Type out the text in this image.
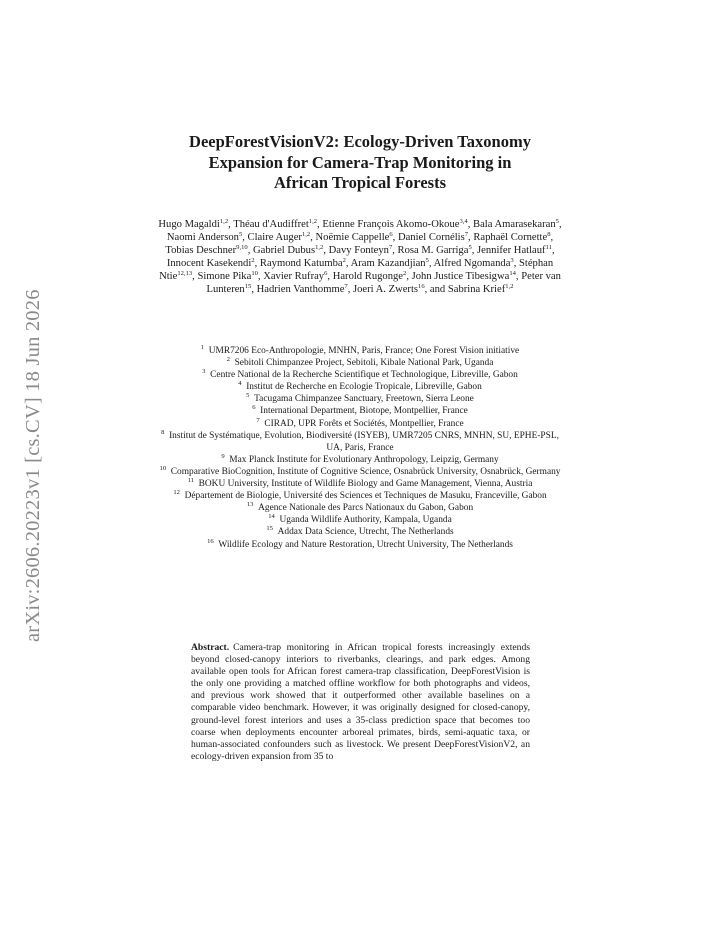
arXiv:2606.20223v1 [cs.CV] 18 Jun 2026
DeepForestVisionV2: Ecology-Driven Taxonomy
Expansion for Camera-Trap Monitoring in
African Tropical Forests
Hugo Magaldi$^{1,2}$, Théau d'Audiffret$^{1,2}$, Etienne François Akomo-Okoue$^{3,4}$, Bala Amarasekaran$^5$, Naomi Anderson$^5$, Claire Auger$^{1,2}$, Noëmie Cappelle$^6$, Daniel Cornélis$^7$, Raphaël Cornette$^8$, Tobias Deschner$^{9,10}$, Gabriel Dubus$^{1,2}$, Davy Fonteyn$^7$, Rosa M. Garriga$^5$, Jennifer Hatlauf$^{11}$, Innocent Kasekendi$^2$, Raymond Katumba$^2$, Aram Kazandjian$^5$, Alfred Ngomanda$^3$, Stéphan Ntie$^{12,13}$, Simone Pika$^{10}$, Xavier Rufray$^6$, Harold Rugonge$^2$, John Justice Tibesigwa$^{14}$, Peter van Lunteren$^{15}$, Hadrien Vanthomme$^7$, Joeri A. Zwerts$^{16}$, and Sabrina Krief$^{1,2}$
$^1$  UMR7206 Eco-Anthropologie, MNHN, Paris, France; One Forest Vision initiative
$^2$  Sebitoli Chimpanzee Project, Sebitoli, Kibale National Park, Uganda
$^3$  Centre National de la Recherche Scientifique et Technologique, Libreville, Gabon
$^4$  Institut de Recherche en Ecologie Tropicale, Libreville, Gabon
$^5$  Tacugama Chimpanzee Sanctuary, Freetown, Sierra Leone
$^6$  International Department, Biotope, Montpellier, France
$^7$  CIRAD, UPR Forêts et Sociétés, Montpellier, France
$^8$  Institut de Systématique, Evolution, Biodiversité (ISYEB), UMR7205 CNRS, MNHN, SU, EPHE-PSL, UA, Paris, France
$^9$  Max Planck Institute for Evolutionary Anthropology, Leipzig, Germany
$^{10}$  Comparative BioCognition, Institute of Cognitive Science, Osnabrück University, Osnabrück, Germany
$^{11}$  BOKU University, Institute of Wildlife Biology and Game Management, Vienna, Austria
$^{12}$  Département de Biologie, Université des Sciences et Techniques de Masuku, Franceville, Gabon
$^{13}$  Agence Nationale des Parcs Nationaux du Gabon, Gabon
$^{14}$  Uganda Wildlife Authority, Kampala, Uganda
$^{15}$  Addax Data Science, Utrecht, The Netherlands
$^{16}$  Wildlife Ecology and Nature Restoration, Utrecht University, The Netherlands
Abstract. Camera-trap monitoring in African tropical forests increasingly extends beyond closed-canopy interiors to riverbanks, clearings, and park edges. Among available open tools for African forest camera-trap classification, DeepForestVision is the only one providing a matched offline workflow for both photographs and videos, and previous work showed that it outperformed other available baselines on a comparable video benchmark. However, it was originally designed for closed-canopy, ground-level forest interiors and uses a 35-class prediction space that becomes too coarse when deployments encounter arboreal primates, birds, semi-aquatic taxa, or human-associated confounders such as livestock. We present DeepForestVisionV2, an ecology-driven expansion from 35 to
